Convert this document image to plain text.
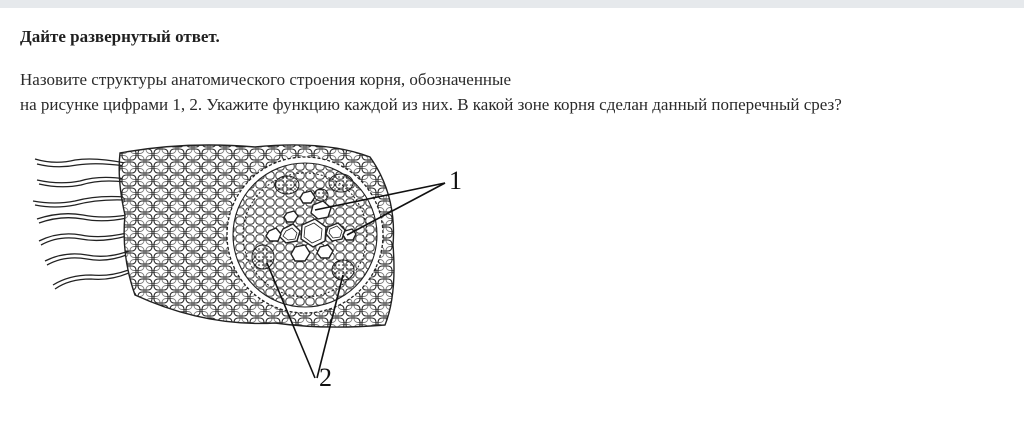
Дайте развернутый ответ.

Назовите структуры анатомического строения корня, обозначенные
на рисунке цифрами 1, 2. Укажите функцию каждой из них. В какой зоне корня сделан данный поперечный срез?

1
2
